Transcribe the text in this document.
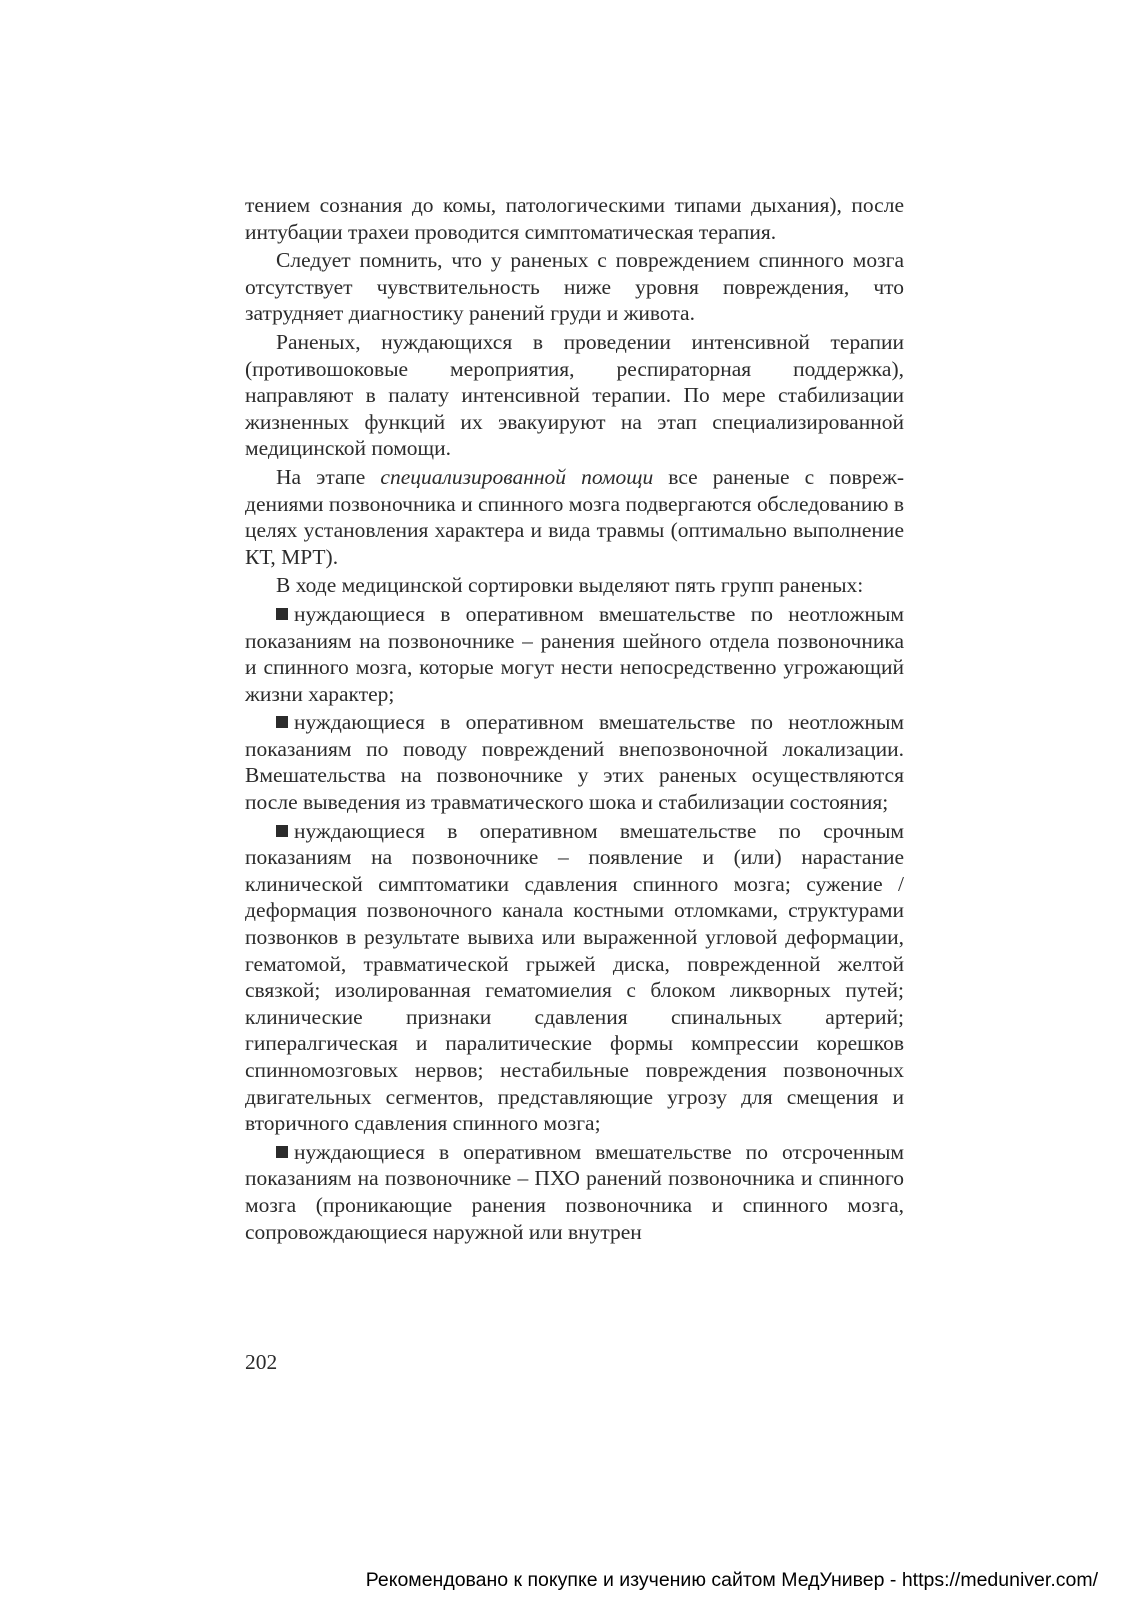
тением сознания до комы, патологическими типами дыхания), после интубации трахеи проводится симптоматическая терапия.

Следует помнить, что у раненых с повреждением спинного мозга отсутствует чувствительность ниже уровня повреждения, что затрудняет диагностику ранений груди и живота.

Раненых, нуждающихся в проведении интенсивной терапии (противошоковые мероприятия, респираторная поддержка), направляют в палату интенсивной терапии. По мере стабилизации жизненных функций их эвакуируют на этап специализированной медицинской помощи.

На этапе специализированной помощи все раненые с повреждениями позвоночника и спинного мозга подвергаются обследованию в целях установления характера и вида травмы (оптимально выполнение КТ, МРТ).

В ходе медицинской сортировки выделяют пять групп раненых:

нуждающиеся в оперативном вмешательстве по неотложным показаниям на позвоночнике – ранения шейного отдела позвоночника и спинного мозга, которые могут нести непосредственно угрожающий жизни характер;

нуждающиеся в оперативном вмешательстве по неотложным показаниям по поводу повреждений внепозвоночной локализации. Вмешательства на позвоночнике у этих раненых осуществляются после выведения из травматического шока и стабилизации состояния;

нуждающиеся в оперативном вмешательстве по срочным показаниям на позвоночнике – появление и (или) нарастание клинической симптоматики сдавления спинного мозга; сужение / деформация позвоночного канала костными отломками, структурами позвонков в результате вывиха или выраженной угловой деформации, гематомой, травматической грыжей диска, поврежденной желтой связкой; изолированная гематомиелия с блоком ликворных путей; клинические признаки сдавления спинальных артерий; гипералгическая и паралитические формы компрессии корешков спинномозговых нервов; нестабильные повреждения позвоночных двигательных сегментов, представляющие угрозу для смещения и вторичного сдавления спинного мозга;

нуждающиеся в оперативном вмешательстве по отсроченным показаниям на позвоночнике – ПХО ранений позвоночника и спинного мозга (проникающие ранения позвоночника и спинного мозга, сопровождающиеся наружной или внутрен

202
Рекомендовано к покупке и изучению сайтом МедУнивер - https://meduniver.com/
